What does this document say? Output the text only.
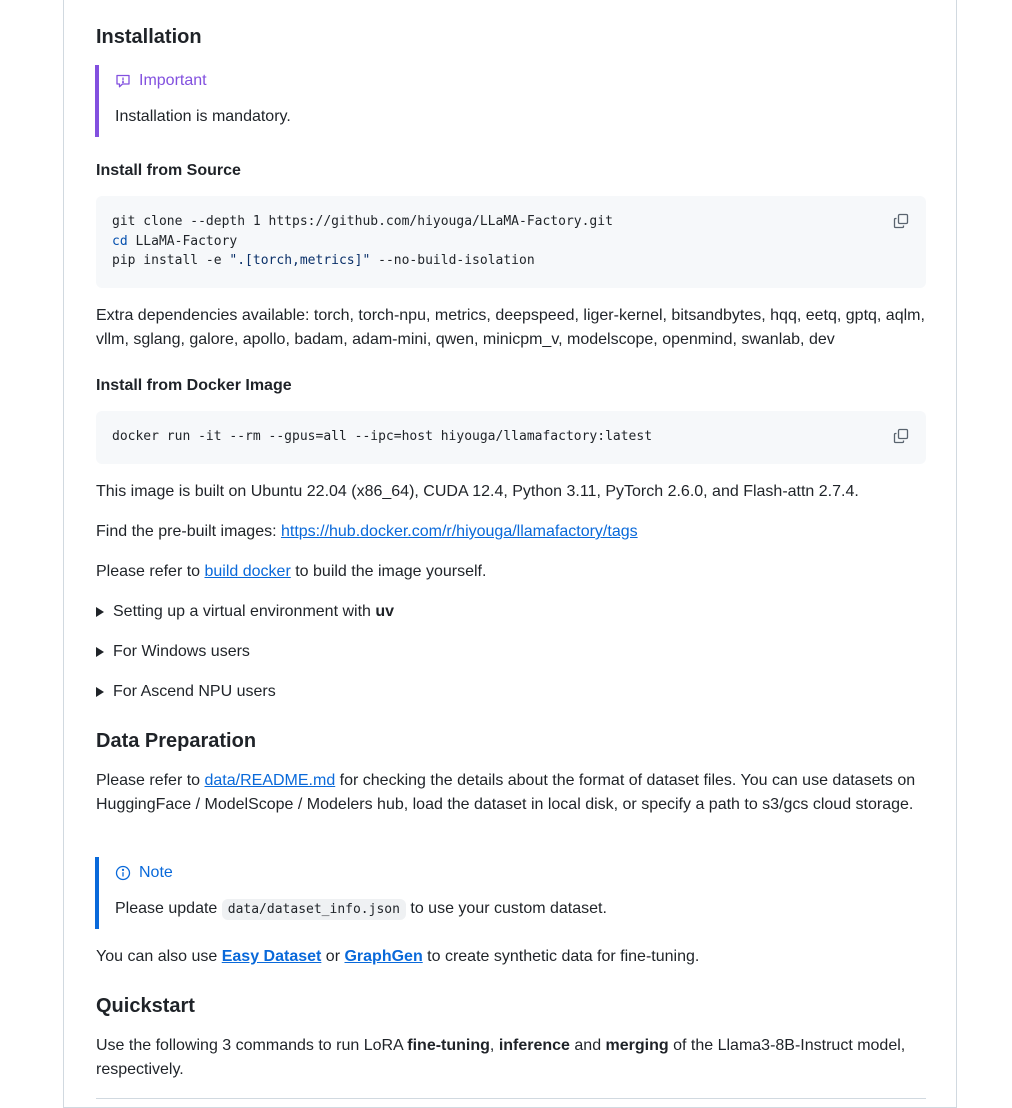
Installation
Important
Installation is mandatory.
Install from Source
git clone --depth 1 https://github.com/hiyouga/LLaMA-Factory.git
cd LLaMA-Factory
pip install -e ".[torch,metrics]" --no-build-isolation
Extra dependencies available: torch, torch-npu, metrics, deepspeed, liger-kernel, bitsandbytes, hqq, eetq, gptq, aqlm, vllm, sglang, galore, apollo, badam, adam-mini, qwen, minicpm_v, modelscope, openmind, swanlab, dev
Install from Docker Image
docker run -it --rm --gpus=all --ipc=host hiyouga/llamafactory:latest
This image is built on Ubuntu 22.04 (x86_64), CUDA 12.4, Python 3.11, PyTorch 2.6.0, and Flash-attn 2.7.4.
Find the pre-built images: https://hub.docker.com/r/hiyouga/llamafactory/tags
Please refer to build docker to build the image yourself.
Setting up a virtual environment with uv
For Windows users
For Ascend NPU users
Data Preparation
Please refer to data/README.md for checking the details about the format of dataset files. You can use datasets on HuggingFace / ModelScope / Modelers hub, load the dataset in local disk, or specify a path to s3/gcs cloud storage.
Note
Please update data/dataset_info.json to use your custom dataset.
You can also use Easy Dataset or GraphGen to create synthetic data for fine-tuning.
Quickstart
Use the following 3 commands to run LoRA fine-tuning, inference and merging of the Llama3-8B-Instruct model, respectively.
